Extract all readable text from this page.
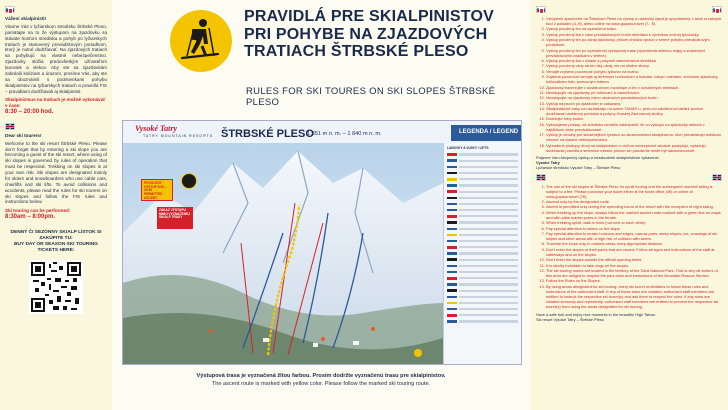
Vážení skialpinisti!

Vitame Vás v lyžiarskom stredisku Štrbské Pleso, pamätajte na to že výstupom na zjazdovku sa stávate hosťom strediska a pohyb po lyžiarskych tratiach je stanovený prevádzkovým poriadkom, ktorý je nutné dodržiavať. Na zjazdových tratiach sa pohybujú na vlastné nebezpečenstvo. Zjazdovky slúžia predovšetkým užívateľom lanoviek a vlekov. Aby ste sa zjazdovkám zabránili kolíziam a úrazom, prosíme Vás, aby ste sa oboznámili s podmienkami pohybu skialpinistov na lyžiarskych tratiach a pravidlá FIS – pravidlami dodržiavali aj skialpinisti.

Skialpinizmus na tratiach je možné vykonávať v čase:
8:30 – 20:00 hod.
Dear ski tourers!

Welcome to the ski resort Štrbské Pleso. Please don't forget that by entering a ski slope you are becoming a guest of the ski resort, where using of ski slopes is governed by rules of operation that must be respected. Trekking on ski slopes is at your own risk. Ski slopes are designated mainly for skiers and snowboarders who use cable cars, chairlifts and ski lifts. To avoid collisions and accidents, please read the rules for ski tourers on ski slopes and follow the FIS rules and instructions below.

Ski touring can be performed:
8:30am – 8:00pm.
DENNÝ ČI SEZÓNNY SKIALP LÍSTOK SI ZAKÚPITE TU:
BUY DAY OR SEASON SKI TOURING TICKETS HERE:
PRAVIDLÁ PRE SKIALPINISTOV
PRI POHYBE NA ZJAZDOVÝCH
TRATIACH ŠTRBSKÉ PLESO
RULES FOR SKI TOURES ON SKI SLOPES ŠTRBSKÉ PLESO
Vysoké Tatry
TATRY MOUNTAIN RESORTS ŠTRBSKÉ PLESO
1 351 m n. m. – 1 840 m n. m.	LEGENDA / LEGEND
POVOLENÝ VÝSTUP 8:30 – 20:00 PERMITTED ASCENT
ZÁKAZ VÝSTUPU MIMO VYZNAČENEJ SKIALP TRASY
LANOVKY A VLEKY / LIFTS
Výstupová trasa je vyznačená žltou farbou. Prosím dodržte vyznačenú trasu pre skialpinistov.
The ascent route is marked with yellow color. Please follow the marked ski touring route.
1. Vstúpenie zjazdoviek na Štrbskom Plese na výstup a následný zjazd je spoplatnený. Lístok si zakúpte buď v pokladni (4,-€), alebo online na www.gopass.travel (7,- €).
2. Výstup povolený len na vyznačenú trasu.
3. Výstup povolený iba v čase prevádzkových hodín strediska s výnimkou nočnej lyžovačky.
4. Výstup povolený len po okraji zjazdovky, pričom chôdza vpravo v smere pohybu prevádzkovým poriadkom.
5. Výstup povolený len po vyznačenej výstupovej trase (vyznačená zelenou mapy a značenými prevádzkovými značkami v teréne).
6. Výstup povolený iba v súlade s pokynmi zamestnanca strediska.
7. Výstup povolený vždy na ten istý okraj, nie na obidve strany.
8. Venujte zvýšenú pozornosť pohybu lyžiarov na svahu.
9. Zvýšená pozornosť venujte aj terénnym horizontom a hranám, úzkym miestam, vrcholom zjazdovky, križovatkám tratí, pomocným tratiam.
10. Zjazdovky traverzujte v dostatočnom rozostupe a len v označených miestach.
11. Nevstupujte na zjazdovky pri rolbovaní a zasnežovaní.
12. Nevstupujte na zjazdovky mimo otváracích prevádzkových hodín.
13. Výstup na psoch po zjazdovke je zakázaný.
14. Skialpinistické trasy na nachádzajú na území TANAP-u, preto sú návštevníci taktiež povinní dodržiavať návštevný poriadok a pokyny Horskej Záchrannej služby.
15. Dodržujte biely kódex.
16. Vyžadujeme prístup, ak stredisko nemôže zabezpečiť, že vo výstupu na zjazdovky nebudú v najbližšom čase prevádzkované.
17. Výstup je vhodný pre skúsenejších lyžiarov so skúsenosťami skialpinizmu, ktorí prevádzkujú turistickú činnosť na vlastné nebezpečenstvo.
18. Vyhradené prístupy, ktorý sa skialpinistom s cieľom nebezpečné situácie poskytujú, vyžadujú dodržiavať pravidlá a smernice miesta, pričom ich porušenie môže byť sankcionované.
Prajeme Vám bezpečný výstup a nezabudnite skialpinistické vybavenie.
Vysoké Tatry
Lyžiarske stredisko Vysoké Tatry – Štrbské Pleso
1. The use of the ski slopes at Štrbské Pleso for uphill touring and the subsequent downhill skiing is subject to a fee. Please purchase your ticket either at the ticket office (4€) or online at www.gopass.travel (7€).
2. Ascend only by the designated route.
3. Ascent is permitted only during the operating hours of the resort with the exception of night skiing.
4. When trekking up the slope, always follow the marked ascent route marked with a green line on maps and with piste marker poles in the terrain.
5. When trekking uphill, walk in lines (not next to each other).
6. Pay special attention to skiers on the slope.
7. Pay special attention to terrain horizons and edges, narrow parts, steep slopes, ice, crossings of ski slopes and other areas with a high risk of collision with skiers.
8. Traverse the slope only in marked areas, keep appropriate distance.
9. Don't enter the slopes or their parks that are closed. Follow all signs and instructions of the staff at cableways and on the slopes.
10. Don't enter the slopes outside the official opening times.
11. It is strictly forbidden to take dogs on the slopes.
12. The ski touring routes are located in the territory of the Tatra National Park. That is why all visitors of this area are obliged to respect the park rules and instructions of the Mountain Rescue Service.
13. Follow the Rules on the Slopes.
14. By using areas designated for ski touring, every ski tourer undertakes to follow these rules and instructions of the authorised staff. If any of these rules are violated, authorised staff members are entitled to instruct the respective ski tourer(s) and ask them to respect the rules. If any rules are violated seriously and repeatedly, authorised staff members are entitled to prevent the respective ski tourer(s) from using the areas designated for ski touring.
Have a safe trek and enjoy nice moments in the beautiful High Tatras.
Ski resort Vysoké Tatry – Štrbské Pleso
